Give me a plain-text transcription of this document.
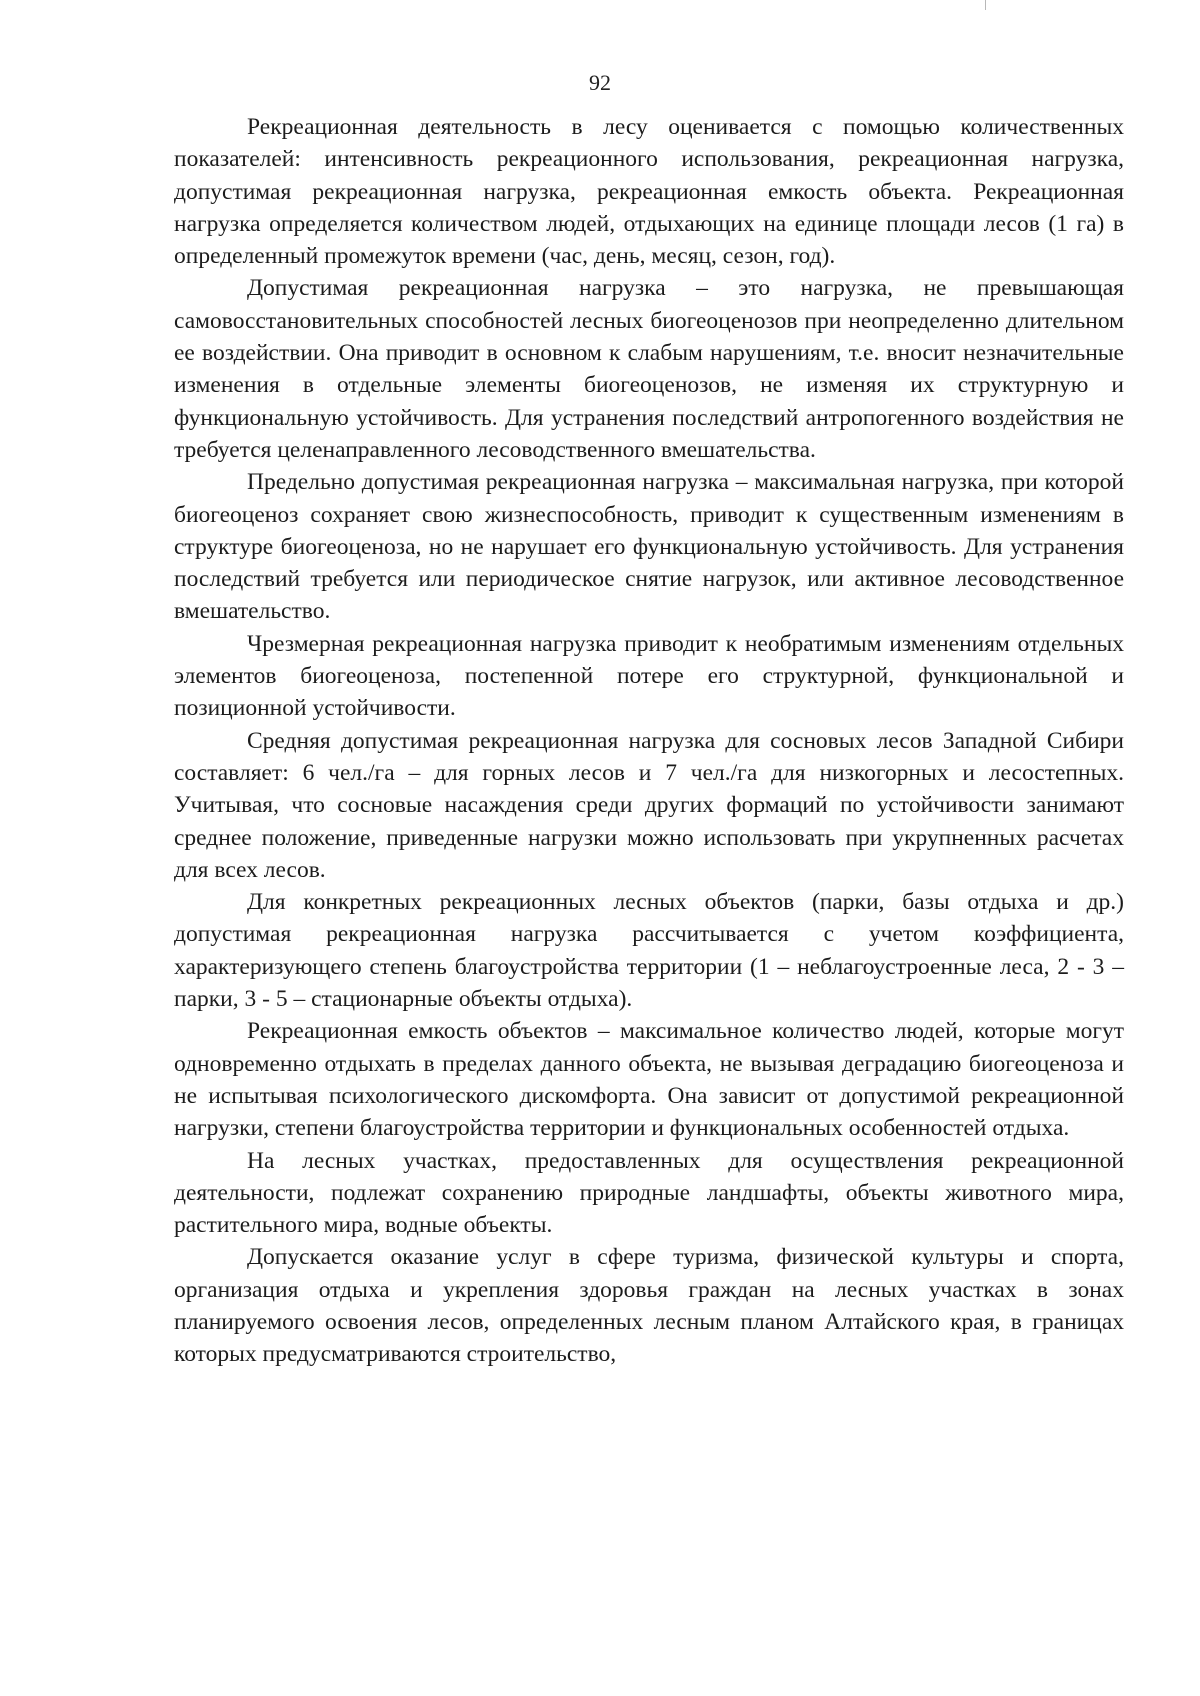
92

Рекреационная деятельность в лесу оценивается с помощью количественных показателей: интенсивность рекреационного использования, рекреационная нагрузка, допустимая рекреационная нагрузка, рекреационная емкость объекта. Рекреационная нагрузка определяется количеством людей, отдыхающих на единице площади лесов (1 га) в определенный промежуток времени (час, день, месяц, сезон, год).

Допустимая рекреационная нагрузка – это нагрузка, не превышающая самовосстановительных способностей лесных биогеоценозов при неопределенно длительном ее воздействии. Она приводит в основном к слабым нарушениям, т.е. вносит незначительные изменения в отдельные элементы биогеоценозов, не изменяя их структурную и функциональную устойчивость. Для устранения последствий антропогенного воздействия не требуется целенаправленного лесоводственного вмешательства.

Предельно допустимая рекреационная нагрузка – максимальная нагрузка, при которой биогеоценоз сохраняет свою жизнеспособность, приводит к существенным изменениям в структуре биогеоценоза, но не нарушает его функциональную устойчивость. Для устранения последствий требуется или периодическое снятие нагрузок, или активное лесоводственное вмешательство.

Чрезмерная рекреационная нагрузка приводит к необратимым изменениям отдельных элементов биогеоценоза, постепенной потере его структурной, функциональной и позиционной устойчивости.

Средняя допустимая рекреационная нагрузка для сосновых лесов Западной Сибири составляет: 6 чел./га – для горных лесов и 7 чел./га для низкогорных и лесостепных. Учитывая, что сосновые насаждения среди других формаций по устойчивости занимают среднее положение, приведенные нагрузки можно использовать при укрупненных расчетах для всех лесов.

Для конкретных рекреационных лесных объектов (парки, базы отдыха и др.) допустимая рекреационная нагрузка рассчитывается с учетом коэффициента, характеризующего степень благоустройства территории (1 – неблагоустроенные леса, 2 - 3 – парки, 3 - 5 – стационарные объекты отдыха).

Рекреационная емкость объектов – максимальное количество людей, которые могут одновременно отдыхать в пределах данного объекта, не вызывая деградацию биогеоценоза и не испытывая психологического дискомфорта. Она зависит от допустимой рекреационной нагрузки, степени благоустройства территории и функциональных особенностей отдыха.

На лесных участках, предоставленных для осуществления рекреационной деятельности, подлежат сохранению природные ландшафты, объекты животного мира, растительного мира, водные объекты.

Допускается оказание услуг в сфере туризма, физической культуры и спорта, организация отдыха и укрепления здоровья граждан на лесных участках в зонах планируемого освоения лесов, определенных лесным планом Алтайского края, в границах которых предусматриваются строительство,
